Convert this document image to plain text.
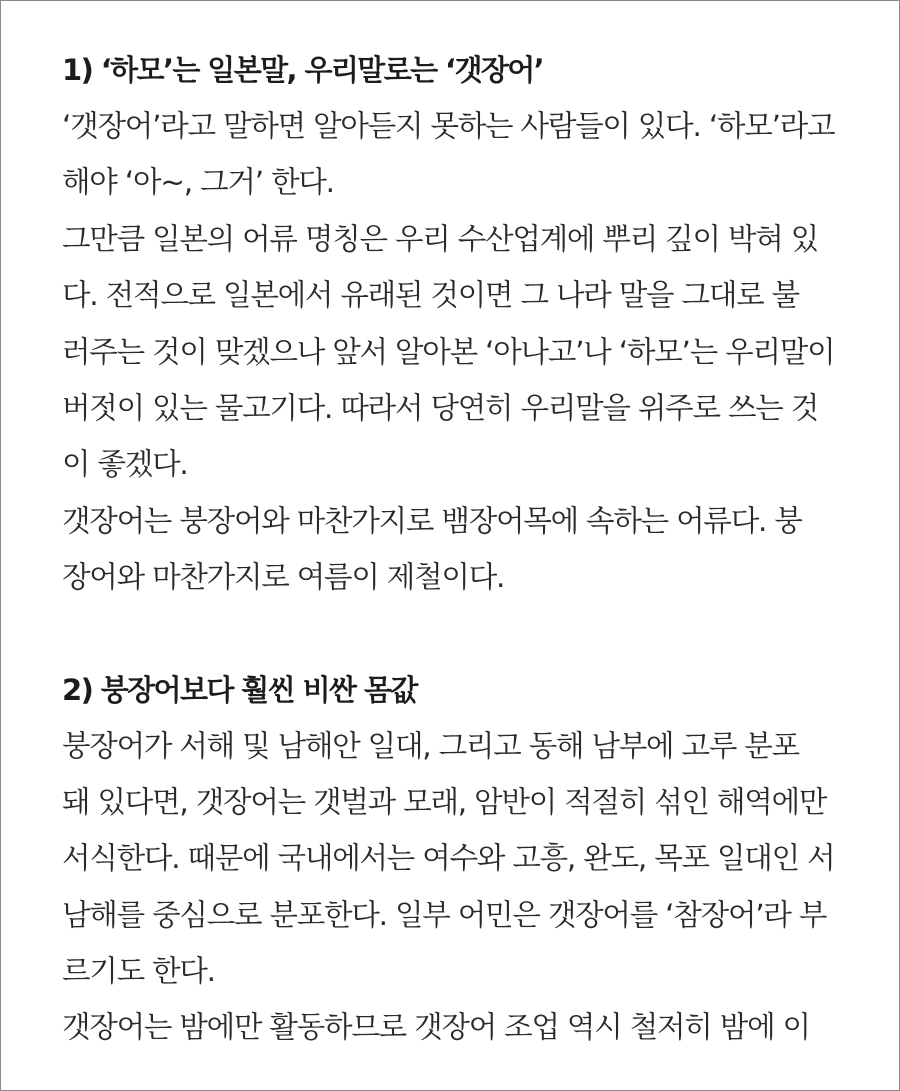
1) ‘하모’는 일본말, 우리말로는 ‘갯장어’

‘갯장어’라고 말하면 알아듣지 못하는 사람들이 있다. ‘하모’라고

해야 ‘아~, 그거’ 한다.

그만큼 일본의 어류 명칭은 우리 수산업계에 뿌리 깊이 박혀 있

다. 전적으로 일본에서 유래된 것이면 그 나라 말을 그대로 불

러주는 것이 맞겠으나 앞서 알아본 ‘아나고’나 ‘하모’는 우리말이

버젓이 있는 물고기다. 따라서 당연히 우리말을 위주로 쓰는 것

이 좋겠다.

갯장어는 붕장어와 마찬가지로 뱀장어목에 속하는 어류다. 붕

장어와 마찬가지로 여름이 제철이다.

2) 붕장어보다 훨씬 비싼 몸값

붕장어가 서해 및 남해안 일대, 그리고 동해 남부에 고루 분포

돼 있다면, 갯장어는 갯벌과 모래, 암반이 적절히 섞인 해역에만

서식한다. 때문에 국내에서는 여수와 고흥, 완도, 목포 일대인 서

남해를 중심으로 분포한다. 일부 어민은 갯장어를 ‘참장어’라 부

르기도 한다.

갯장어는 밤에만 활동하므로 갯장어 조업 역시 철저히 밤에 이
